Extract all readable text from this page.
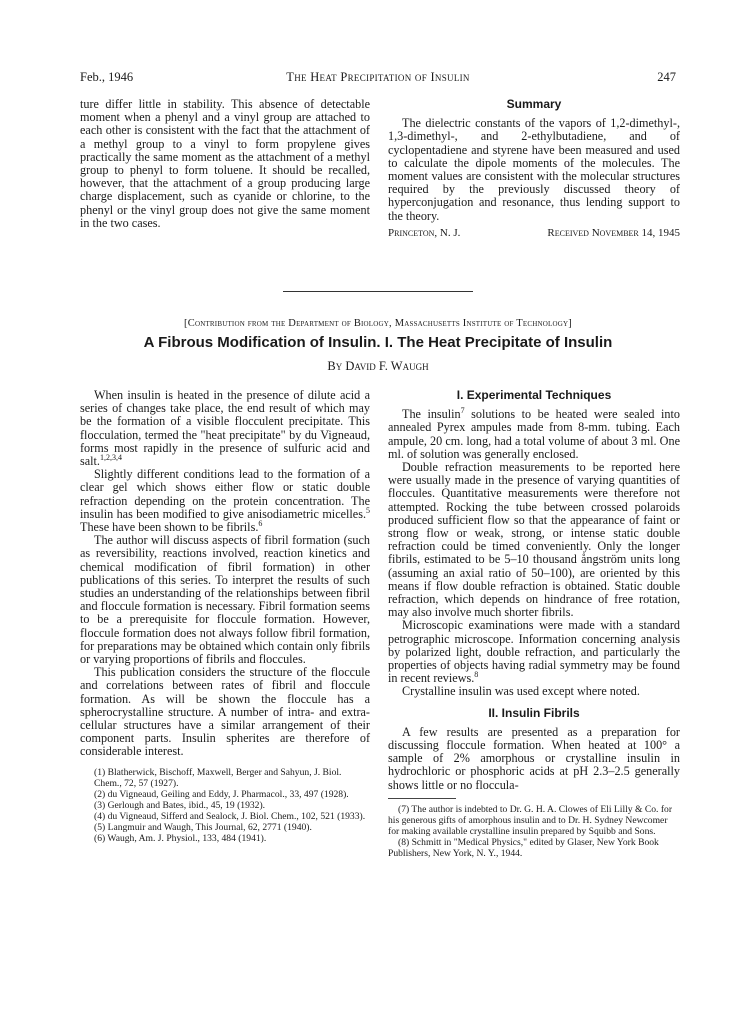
Feb., 1946	The Heat Precipitation of Insulin	247

ture differ little in stability. This absence of detectable moment when a phenyl and a vinyl group are attached to each other is consistent with the fact that the attachment of a methyl group to a vinyl to form propylene gives practically the same moment as the attachment of a methyl group to phenyl to form toluene. It should be recalled, however, that the attachment of a group producing large charge displacement, such as cyanide or chlorine, to the phenyl or the vinyl group does not give the same moment in the two cases.

Summary

The dielectric constants of the vapors of 1,2-dimethyl-, 1,3-dimethyl-, and 2-ethylbutadiene, and of cyclopentadiene and styrene have been measured and used to calculate the dipole moments of the molecules. The moment values are consistent with the molecular structures required by the previously discussed theory of hyperconjugation and resonance, thus lending support to the theory.

Princeton, N. J.	Received November 14, 1945
[Contribution from the Department of Biology, Massachusetts Institute of Technology]
A Fibrous Modification of Insulin. I. The Heat Precipitate of Insulin
By David F. Waugh

When insulin is heated in the presence of dilute acid a series of changes take place, the end result of which may be the formation of a visible flocculent precipitate. This flocculation, termed the "heat precipitate" by du Vigneaud, forms most rapidly in the presence of sulfuric acid and salt.$^{1,2,3,4}$

Slightly different conditions lead to the formation of a clear gel which shows either flow or static double refraction depending on the protein concentration. The insulin has been modified to give anisodiametric micelles.$^5$ These have been shown to be fibrils.$^6$

The author will discuss aspects of fibril formation (such as reversibility, reactions involved, reaction kinetics and chemical modification of fibril formation) in other publications of this series. To interpret the results of such studies an understanding of the relationships between fibril and floccule formation is necessary. Fibril formation seems to be a prerequisite for floccule formation. However, floccule formation does not always follow fibril formation, for preparations may be obtained which contain only fibrils or varying proportions of fibrils and floccules.

This publication considers the structure of the floccule and correlations between rates of fibril and floccule formation. As will be shown the floccule has a spherocrystalline structure. A number of intra- and extra-cellular structures have a similar arrangement of their component parts. Insulin spherites are therefore of considerable interest.

(1) Blatherwick, Bischoff, Maxwell, Berger and Sahyun, J. Biol. Chem., 72, 57 (1927).
(2) du Vigneaud, Geiling and Eddy, J. Pharmacol., 33, 497 (1928).
(3) Gerlough and Bates, ibid., 45, 19 (1932).
(4) du Vigneaud, Sifferd and Sealock, J. Biol. Chem., 102, 521 (1933).
(5) Langmuir and Waugh, This Journal, 62, 2771 (1940).
(6) Waugh, Am. J. Physiol., 133, 484 (1941).
I. Experimental Techniques

The insulin$^7$ solutions to be heated were sealed into annealed Pyrex ampules made from 8-mm. tubing. Each ampule, 20 cm. long, had a total volume of about 3 ml. One ml. of solution was generally enclosed.

Double refraction measurements to be reported here were usually made in the presence of varying quantities of floccules. Quantitative measurements were therefore not attempted. Rocking the tube between crossed polaroids produced sufficient flow so that the appearance of faint or strong flow or weak, strong, or intense static double refraction could be timed conveniently. Only the longer fibrils, estimated to be 5–10 thousand ångström units long (assuming an axial ratio of 50–100), are oriented by this means if flow double refraction is obtained. Static double refraction, which depends on hindrance of free rotation, may also involve much shorter fibrils.

Microscopic examinations were made with a standard petrographic microscope. Information concerning analysis by polarized light, double refraction, and particularly the properties of objects having radial symmetry may be found in recent reviews.$^8$

Crystalline insulin was used except where noted.

II. Insulin Fibrils

A few results are presented as a preparation for discussing floccule formation. When heated at 100° a sample of 2% amorphous or crystalline insulin in hydrochloric or phosphoric acids at pH 2.3–2.5 generally shows little or no floccula-

(7) The author is indebted to Dr. G. H. A. Clowes of Eli Lilly & Co. for his generous gifts of amorphous insulin and to Dr. H. Sydney Newcomer for making available crystalline insulin prepared by Squibb and Sons.
(8) Schmitt in "Medical Physics," edited by Glaser, New York Book Publishers, New York, N. Y., 1944.
